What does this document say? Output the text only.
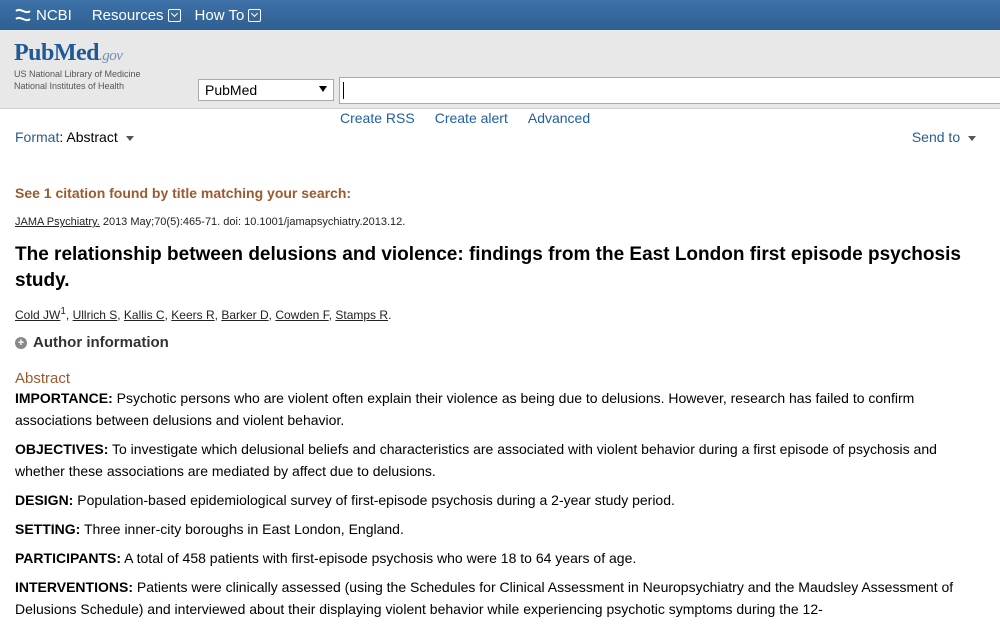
NCBI Resources How To
PubMed.gov
US National Library of Medicine
National Institutes of Health	PubMed
Create RSS Create alert Advanced
Format: Abstract	Send to
See 1 citation found by title matching your search:
JAMA Psychiatry. 2013 May;70(5):465-71. doi: 10.1001/jamapsychiatry.2013.12.
The relationship between delusions and violence: findings from the East London first episode psychosis study.
Cold $JW^1$, Ullrich S, Kallis C, Keers R, Barker D, Cowden F, Stamps R.
+ Author information
Abstract
IMPORTANCE: Psychotic persons who are violent often explain their violence as being due to delusions. However, research has failed to confirm associations between delusions and violent behavior.
OBJECTIVES: To investigate which delusional beliefs and characteristics are associated with violent behavior during a first episode of psychosis and whether these associations are mediated by affect due to delusions.
DESIGN: Population-based epidemiological survey of first-episode psychosis during a 2-year study period.
SETTING: Three inner-city boroughs in East London, England.
PARTICIPANTS: A total of 458 patients with first-episode psychosis who were 18 to 64 years of age.
INTERVENTIONS: Patients were clinically assessed (using the Schedules for Clinical Assessment in Neuropsychiatry and the Maudsley Assessment of Delusions Schedule) and interviewed about their displaying violent behavior while experiencing psychotic symptoms during the 12-
